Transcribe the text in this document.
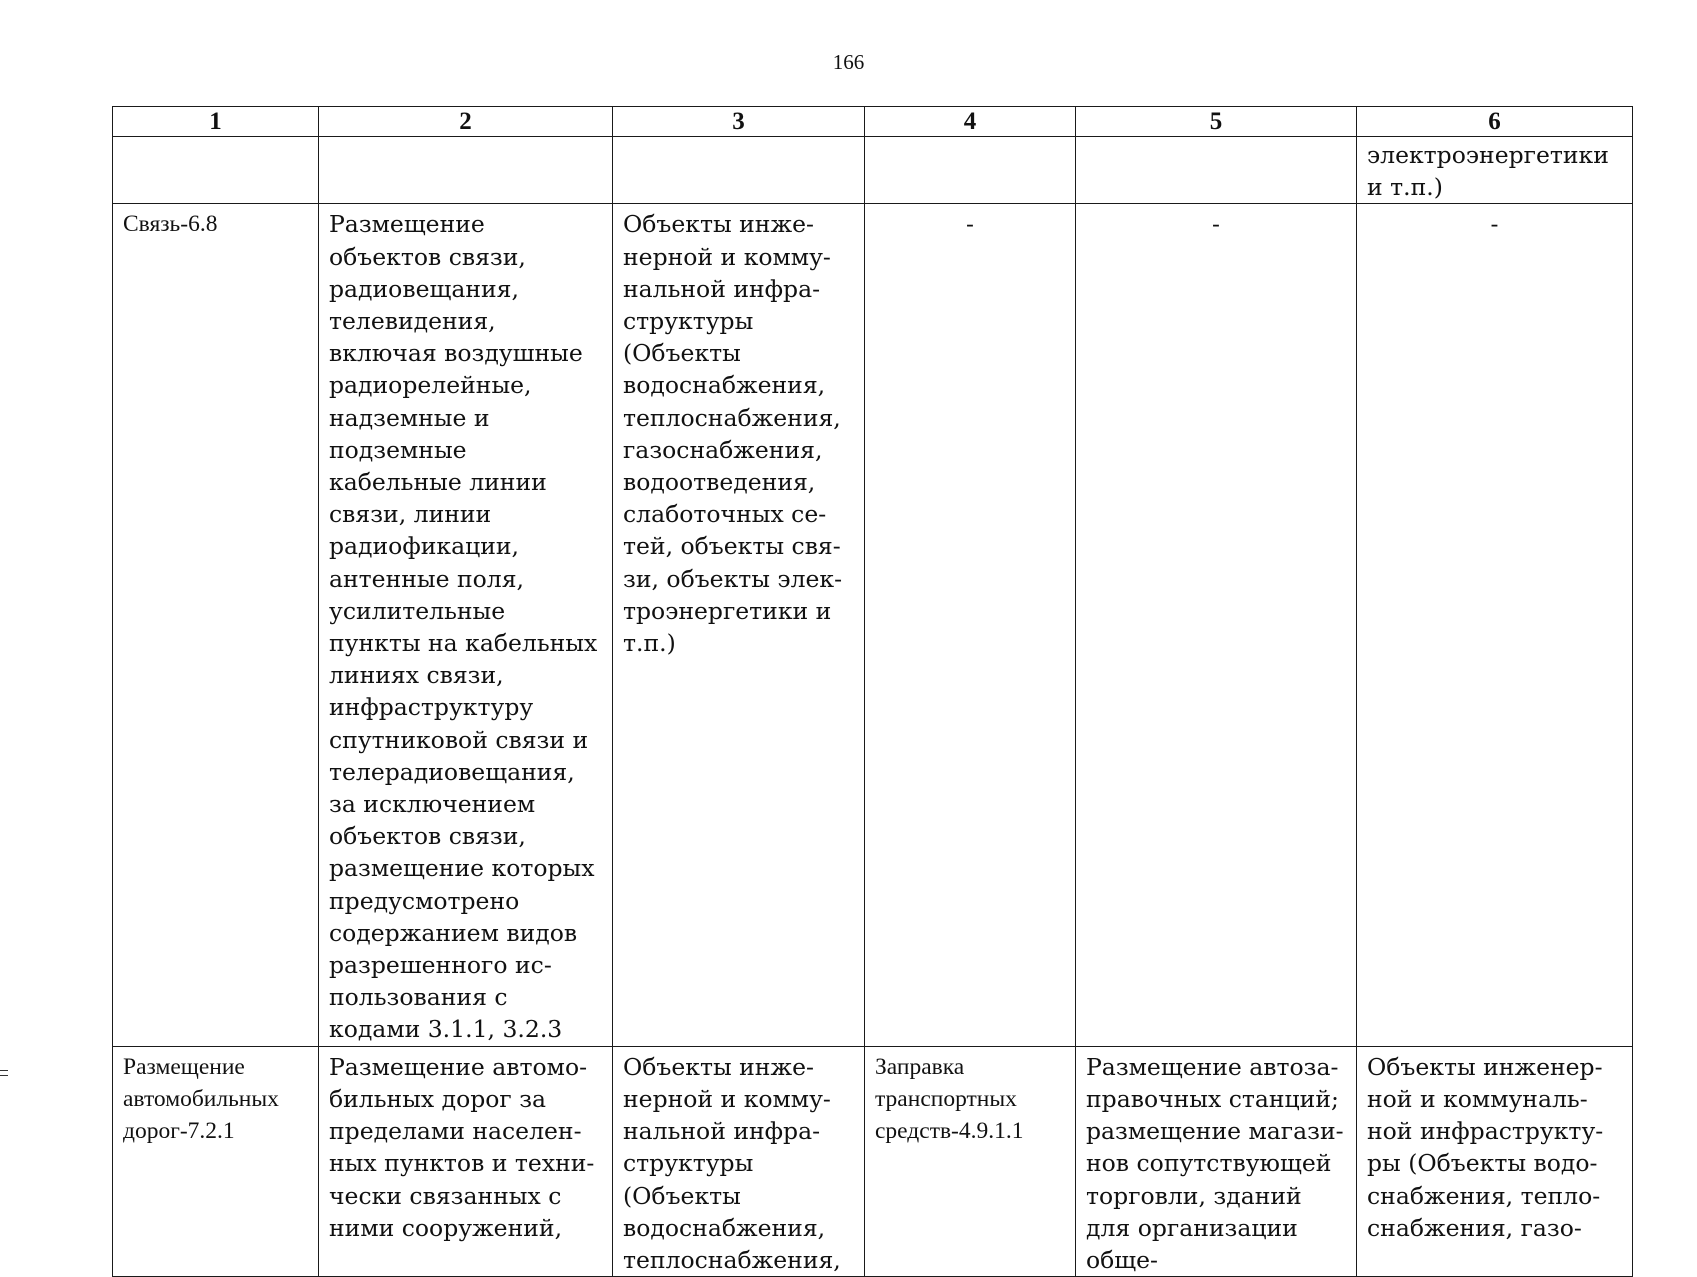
166
1	2	3	4	5	6
					электроэнергетики и т.п.)
Связь-6.8	Размещение объектов связи, радиовещания, телевидения, включая воздушные радиорелейные, надземные и подземные кабельные линии связи, линии радиофикации, антенные поля, усилительные пункты на кабельных линиях связи, инфраструктуру спутниковой связи и телерадиовещания, за исключением объектов связи, размещение которых предусмотрено содержанием видов разрешенного использования с кодами 3.1.1, 3.2.3	Объекты инженерной и коммунальной инфраструктуры (Объекты водоснабжения, теплоснабжения, газоснабжения, водоотведения, слаботочных сетей, объекты связи, объекты электроэнергетики и т.п.)	-	-	-
Размещение автомобильных дорог-7.2.1	Размещение автомобильных дорог за пределами населенных пунктов и технически связанных с ними сооружений,	Объекты инженерной и коммунальной инфраструктуры (Объекты водоснабжения, теплоснабжения,	Заправка транспортных средств-4.9.1.1	Размещение автозаправочных станций; размещение магазинов сопутствующей торговли, зданий для организации обще-	Объекты инженерной и коммунальной инфраструктуры (Объекты водоснабжения, теплоснабжения, газо-
